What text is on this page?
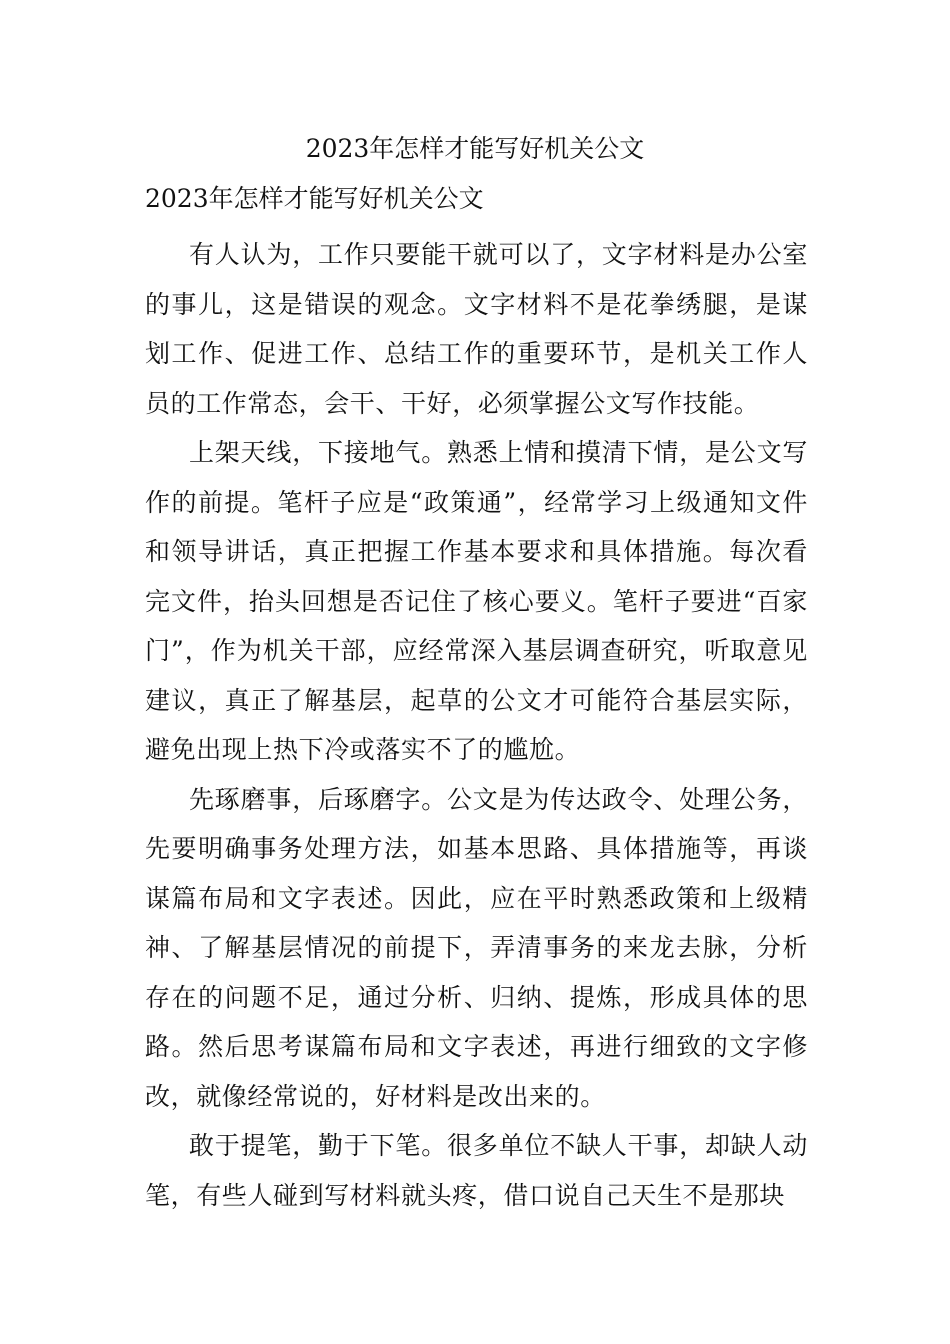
2023年怎样才能写好机关公文
2023年怎样才能写好机关公文

有人认为，工作只要能干就可以了，文字材料是办公室的事儿，这是错误的观念。文字材料不是花拳绣腿，是谋划工作、促进工作、总结工作的重要环节，是机关工作人员的工作常态，会干、干好，必须掌握公文写作技能。

上架天线，下接地气。熟悉上情和摸清下情，是公文写作的前提。笔杆子应是“政策通”，经常学习上级通知文件和领导讲话，真正把握工作基本要求和具体措施。每次看完文件，抬头回想是否记住了核心要义。笔杆子要进“百家门”，作为机关干部，应经常深入基层调查研究，听取意见建议，真正了解基层，起草的公文才可能符合基层实际，避免出现上热下冷或落实不了的尴尬。

先琢磨事，后琢磨字。公文是为传达政令、处理公务，先要明确事务处理方法，如基本思路、具体措施等，再谈谋篇布局和文字表述。因此，应在平时熟悉政策和上级精神、了解基层情况的前提下，弄清事务的来龙去脉，分析存在的问题不足，通过分析、归纳、提炼，形成具体的思路。然后思考谋篇布局和文字表述，再进行细致的文字修改，就像经常说的，好材料是改出来的。

敢于提笔，勤于下笔。很多单位不缺人干事，却缺人动笔，有些人碰到写材料就头疼，借口说自己天生不是那块
